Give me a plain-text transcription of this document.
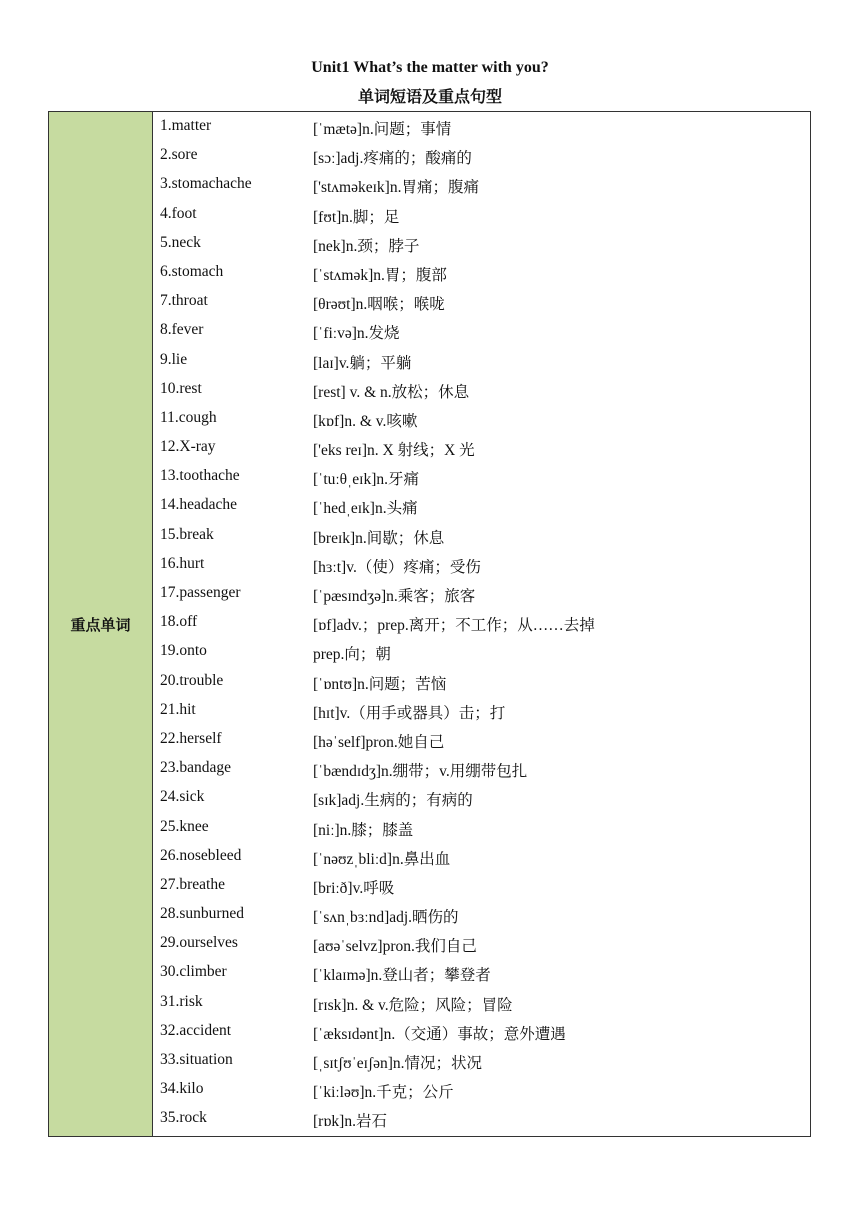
Unit1 What’s the matter with you?
单词短语及重点句型
重点单词
1.matter	[ˈmætə]n.问题；事情
2.sore	[sɔː]adj.疼痛的；酸痛的
3.stomachache	['stʌməkeɪk]n.胃痛；腹痛
4.foot	[fʊt]n.脚；足
5.neck	[nek]n.颈；脖子
6.stomach	[ˈstʌmək]n.胃；腹部
7.throat	[θrəʊt]n.咽喉；喉咙
8.fever	[ˈfiːvə]n.发烧
9.lie	[laɪ]v.躺；平躺
10.rest	[rest] v. & n.放松；休息
11.cough	[kɒf]n. & v.咳嗽
12.X-ray	['eks reɪ]n. X 射线；X 光
13.toothache	[ˈtuːθˌeɪk]n.牙痛
14.headache	[ˈhedˌeɪk]n.头痛
15.break	[breɪk]n.间歇；休息
16.hurt	[hɜːt]v.（使）疼痛；受伤
17.passenger	[ˈpæsɪndʒə]n.乘客；旅客
18.off	[ɒf]adv.；prep.离开；不工作；从……去掉
19.onto	prep.向；朝
20.trouble	[ˈɒntʊ]n.问题；苦恼
21.hit	[hɪt]v.（用手或器具）击；打
22.herself	[həˈself]pron.她自己
23.bandage	[ˈbændɪdʒ]n.绷带；v.用绷带包扎
24.sick	[sɪk]adj.生病的；有病的
25.knee	[niː]n.膝；膝盖
26.nosebleed	[ˈnəʊzˌbliːd]n.鼻出血
27.breathe	[briːð]v.呼吸
28.sunburned	[ˈsʌnˌbɜːnd]adj.晒伤的
29.ourselves	[aʊəˈselvz]pron.我们自己
30.climber	[ˈklaɪmə]n.登山者；攀登者
31.risk	[rɪsk]n. & v.危险；风险；冒险
32.accident	[ˈæksɪdənt]n.（交通）事故；意外遭遇
33.situation	[ˌsɪtʃʊˈeɪʃən]n.情况；状况
34.kilo	[ˈkiːləʊ]n.千克；公斤
35.rock	[rɒk]n.岩石
